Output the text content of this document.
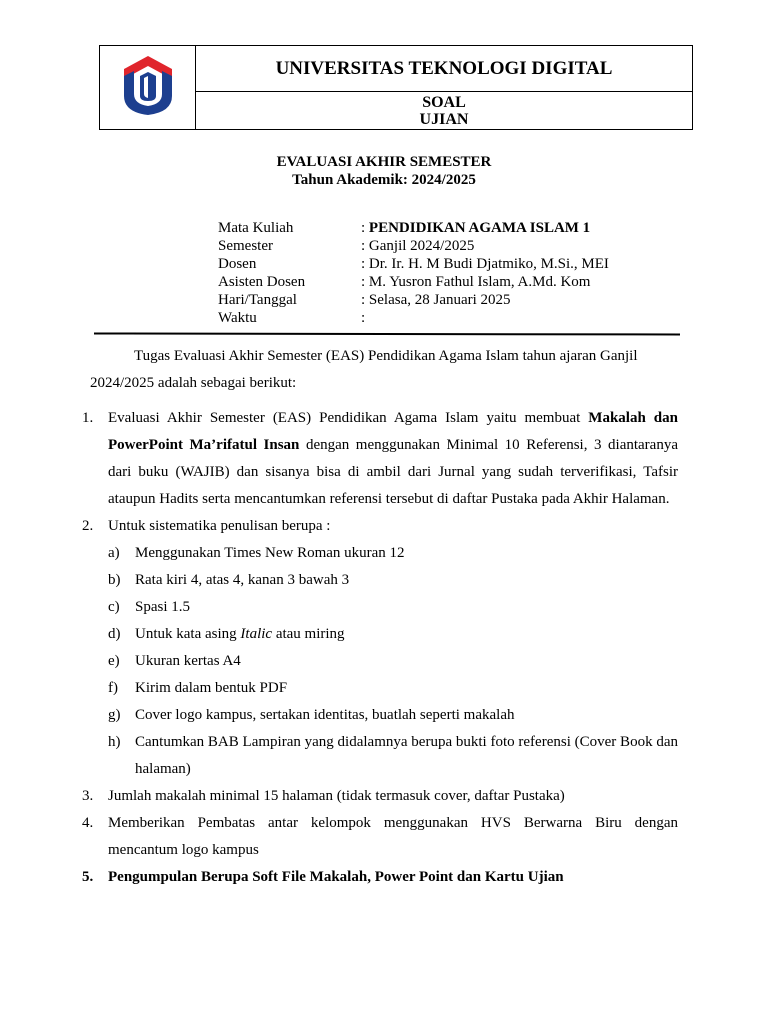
	UNIVERSITAS TEKNOLOGI DIGITAL

SOAL
UJIAN
EVALUASI AKHIR SEMESTER
Tahun Akademik: 2024/2025
Mata Kuliah	: PENDIDIKAN AGAMA ISLAM 1
Semester	: Ganjil 2024/2025
Dosen	: Dr. Ir. H. M Budi Djatmiko, M.Si., MEI
Asisten Dosen	: M. Yusron Fathul Islam, A.Md. Kom
Hari/Tanggal	: Selasa, 28 Januari 2025
Waktu	:
Tugas Evaluasi Akhir Semester (EAS) Pendidikan Agama Islam tahun ajaran Ganjil 2024/2025 adalah sebagai berikut:
1. Evaluasi Akhir Semester (EAS) Pendidikan Agama Islam yaitu membuat Makalah dan PowerPoint Ma’rifatul Insan dengan menggunakan Minimal 10 Referensi, 3 diantaranya dari buku (WAJIB) dan sisanya bisa di ambil dari Jurnal yang sudah terverifikasi, Tafsir ataupun Hadits serta mencantumkan referensi tersebut di daftar Pustaka pada Akhir Halaman.
2. Untuk sistematika penulisan berupa :
a)	Menggunakan Times New Roman ukuran 12
b) Rata kiri 4, atas 4, kanan 3 bawah 3
c)	Spasi 1.5
d) Untuk kata asing Italic atau miring
e)	Ukuran kertas A4
f)	Kirim dalam bentuk PDF
g) Cover logo kampus, sertakan identitas, buatlah seperti makalah
h) Cantumkan BAB Lampiran yang didalamnya berupa bukti foto referensi (Cover Book dan halaman)
3. Jumlah makalah minimal 15 halaman (tidak termasuk cover, daftar Pustaka)
4. Memberikan Pembatas antar kelompok menggunakan HVS Berwarna Biru dengan mencantum logo kampus
5. Pengumpulan Berupa Soft File Makalah, Power Point dan Kartu Ujian
